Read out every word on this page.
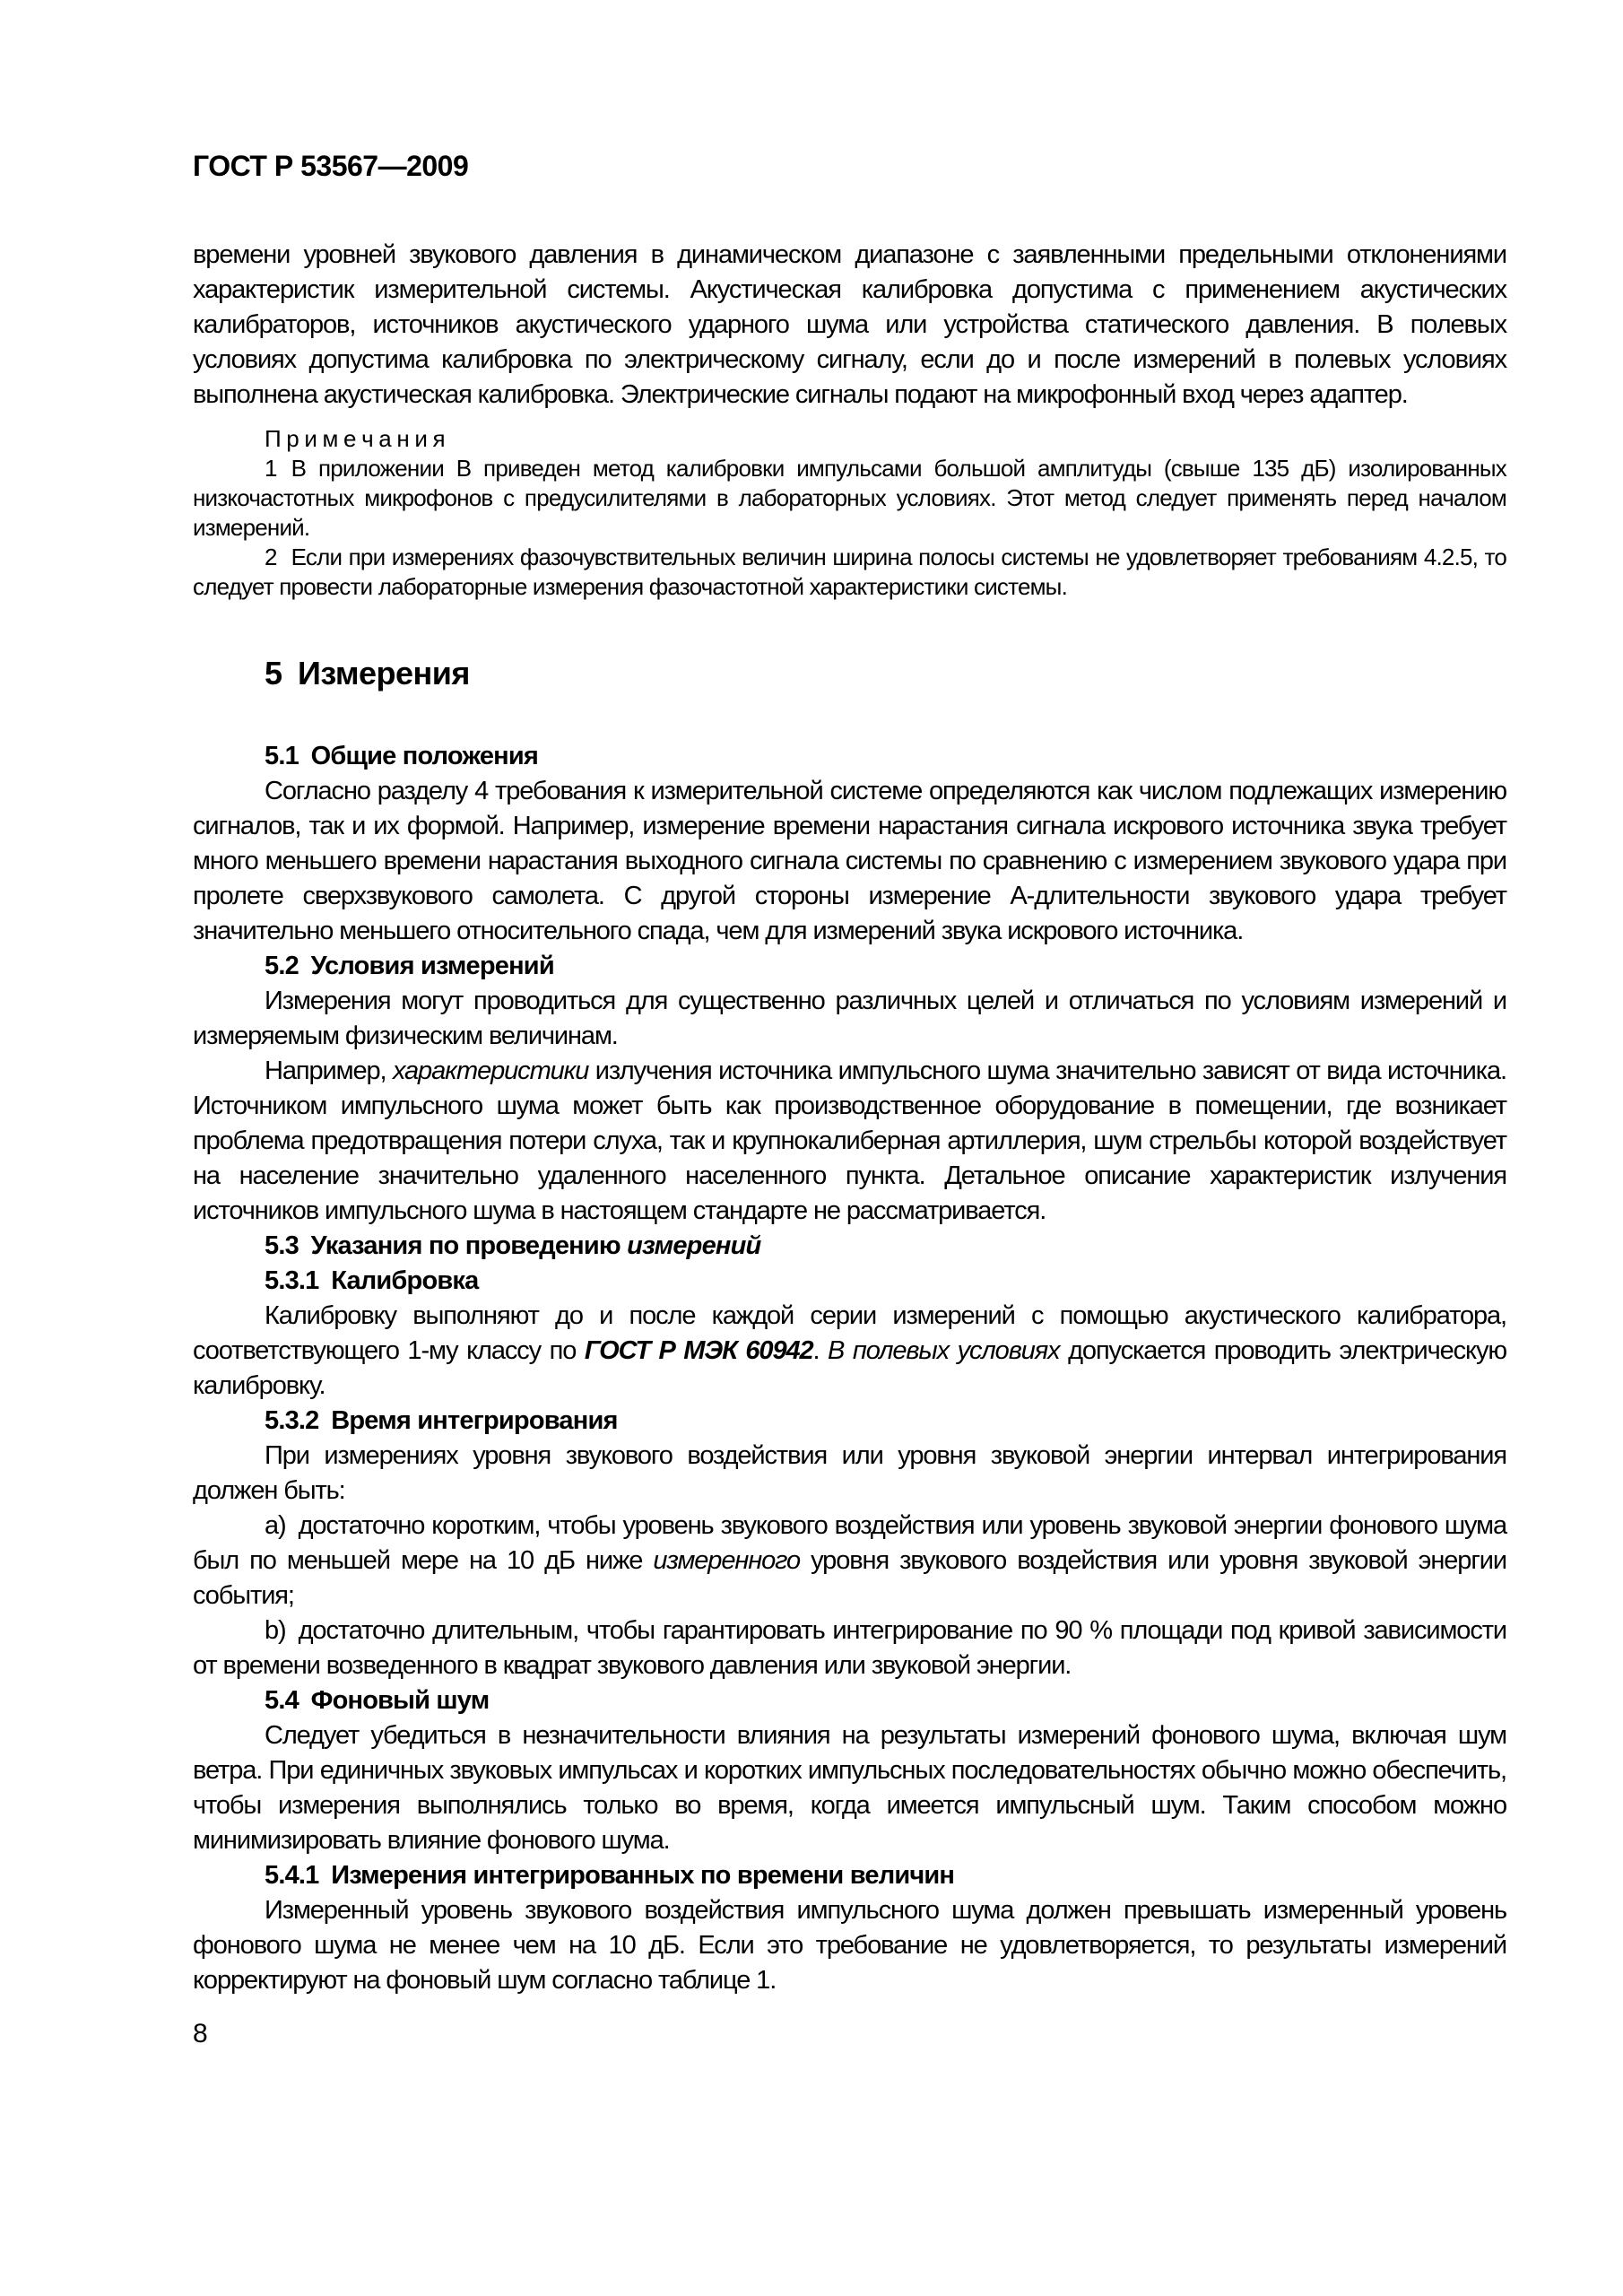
ГОСТ Р 53567—2009

времени уровней звукового давления в динамическом диапазоне с заявленными предельными отклонениями характеристик измерительной системы. Акустическая калибровка допустима с применением акустических калибраторов, источников акустического ударного шума или устройства статического давления. В полевых условиях допустима калибровка по электрическому сигналу, если до и после измерений в полевых условиях выполнена акустическая калибровка. Электрические сигналы подают на микрофонный вход через адаптер.

П р и м е ч а н и я

1 В приложении В приведен метод калибровки импульсами большой амплитуды (свыше 135 дБ) изолированных низкочастотных микрофонов с предусилителями в лабораторных условиях. Этот метод следует применять перед началом измерений.

2 Если при измерениях фазочувствительных величин ширина полосы системы не удовлетворяет требованиям 4.2.5, то следует провести лабораторные измерения фазочастотной характеристики системы.

5 Измерения
5.1 Общие положения

Согласно разделу 4 требования к измерительной системе определяются как числом подлежащих измерению сигналов, так и их формой. Например, измерение времени нарастания сигнала искрового источника звука требует много меньшего времени нарастания выходного сигнала системы по сравнению с измерением звукового удара при пролете сверхзвукового самолета. С другой стороны измерение А-длительности звукового удара требует значительно меньшего относительного спада, чем для измерений звука искрового источника.

5.2 Условия измерений

Измерения могут проводиться для существенно различных целей и отличаться по условиям измерений и измеряемым физическим величинам.

Например, характеристики излучения источника импульсного шума значительно зависят от вида источника. Источником импульсного шума может быть как производственное оборудование в помещении, где возникает проблема предотвращения потери слуха, так и крупнокалиберная артиллерия, шум стрельбы которой воздействует на население значительно удаленного населенного пункта. Детальное описание характеристик излучения источников импульсного шума в настоящем стандарте не рассматривается.

5.3 Указания по проведению измерений
5.3.1 Калибровка

Калибровку выполняют до и после каждой серии измерений с помощью акустического калибратора, соответствующего 1-му классу по ГОСТ Р МЭК 60942. В полевых условиях допускается проводить электрическую калибровку.

5.3.2 Время интегрирования

При измерениях уровня звукового воздействия или уровня звуковой энергии интервал интегрирования должен быть:

a) достаточно коротким, чтобы уровень звукового воздействия или уровень звуковой энергии фонового шума был по меньшей мере на 10 дБ ниже измеренного уровня звукового воздействия или уровня звуковой энергии события;

b) достаточно длительным, чтобы гарантировать интегрирование по 90 % площади под кривой зависимости от времени возведенного в квадрат звукового давления или звуковой энергии.

5.4 Фоновый шум

Следует убедиться в незначительности влияния на результаты измерений фонового шума, включая шум ветра. При единичных звуковых импульсах и коротких импульсных последовательностях обычно можно обеспечить, чтобы измерения выполнялись только во время, когда имеется импульсный шум. Таким способом можно минимизировать влияние фонового шума.

5.4.1 Измерения интегрированных по времени величин

Измеренный уровень звукового воздействия импульсного шума должен превышать измеренный уровень фонового шума не менее чем на 10 дБ. Если это требование не удовлетворяется, то результаты измерений корректируют на фоновый шум согласно таблице 1.

8
